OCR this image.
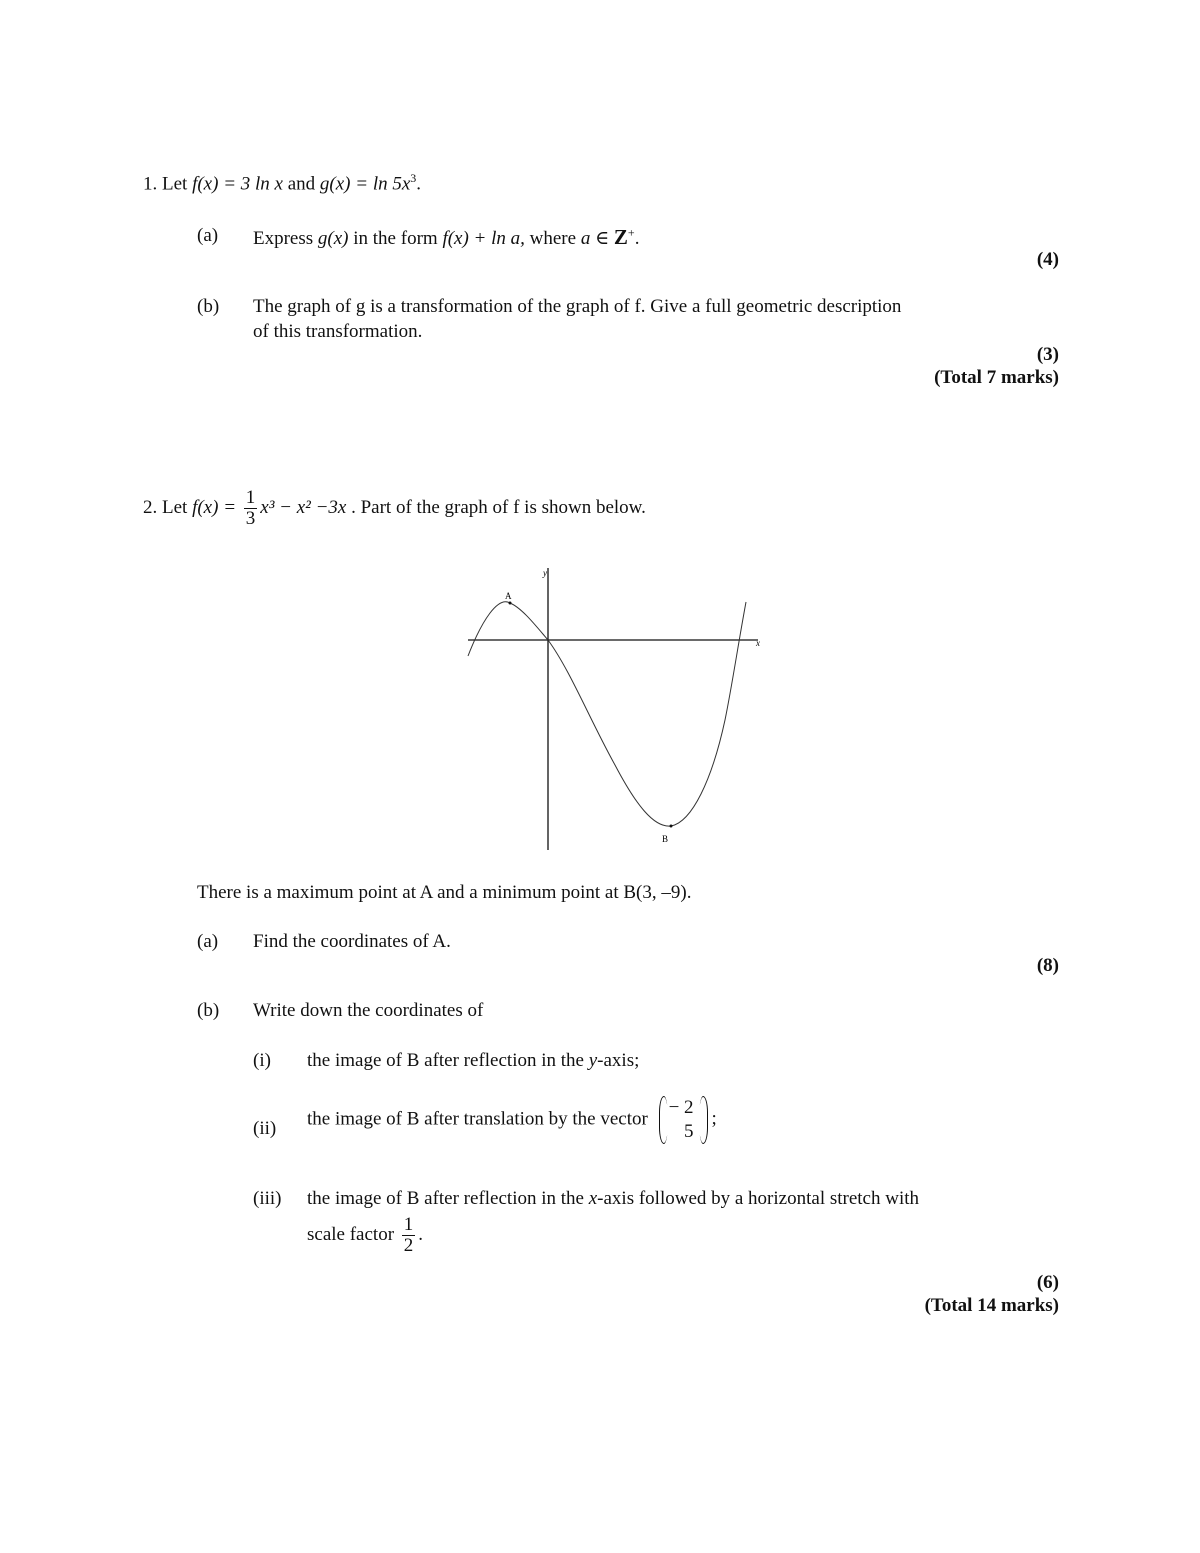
1. Let f(x) = 3 ln x and $g(x) = \ln 5x^3$.
(a) Express g(x) in the form f(x) + ln a, where a ∈ Z+.
(4)
(b) The graph of g is a transformation of the graph of f. Give a full geometric description
of this transformation.
(3)
(Total 7 marks)
2. Let $f(x) = \frac{1}{3} x^3 - x^2 -3x$ . Part of the graph of f is shown below.
y
x
A
B
There is a maximum point at A and a minimum point at B(3, –9).
(a) Find the coordinates of A.
(8)
(b) Write down the coordinates of
(i) the image of B after reflection in the y-axis;
(ii) the image of B after translation by the vector
− 2
5
;
(iii) the image of B after reflection in the x-axis followed by a horizontal stretch with
scale factor $\frac{1}{2}$ .
(6)
(Total 14 marks)
